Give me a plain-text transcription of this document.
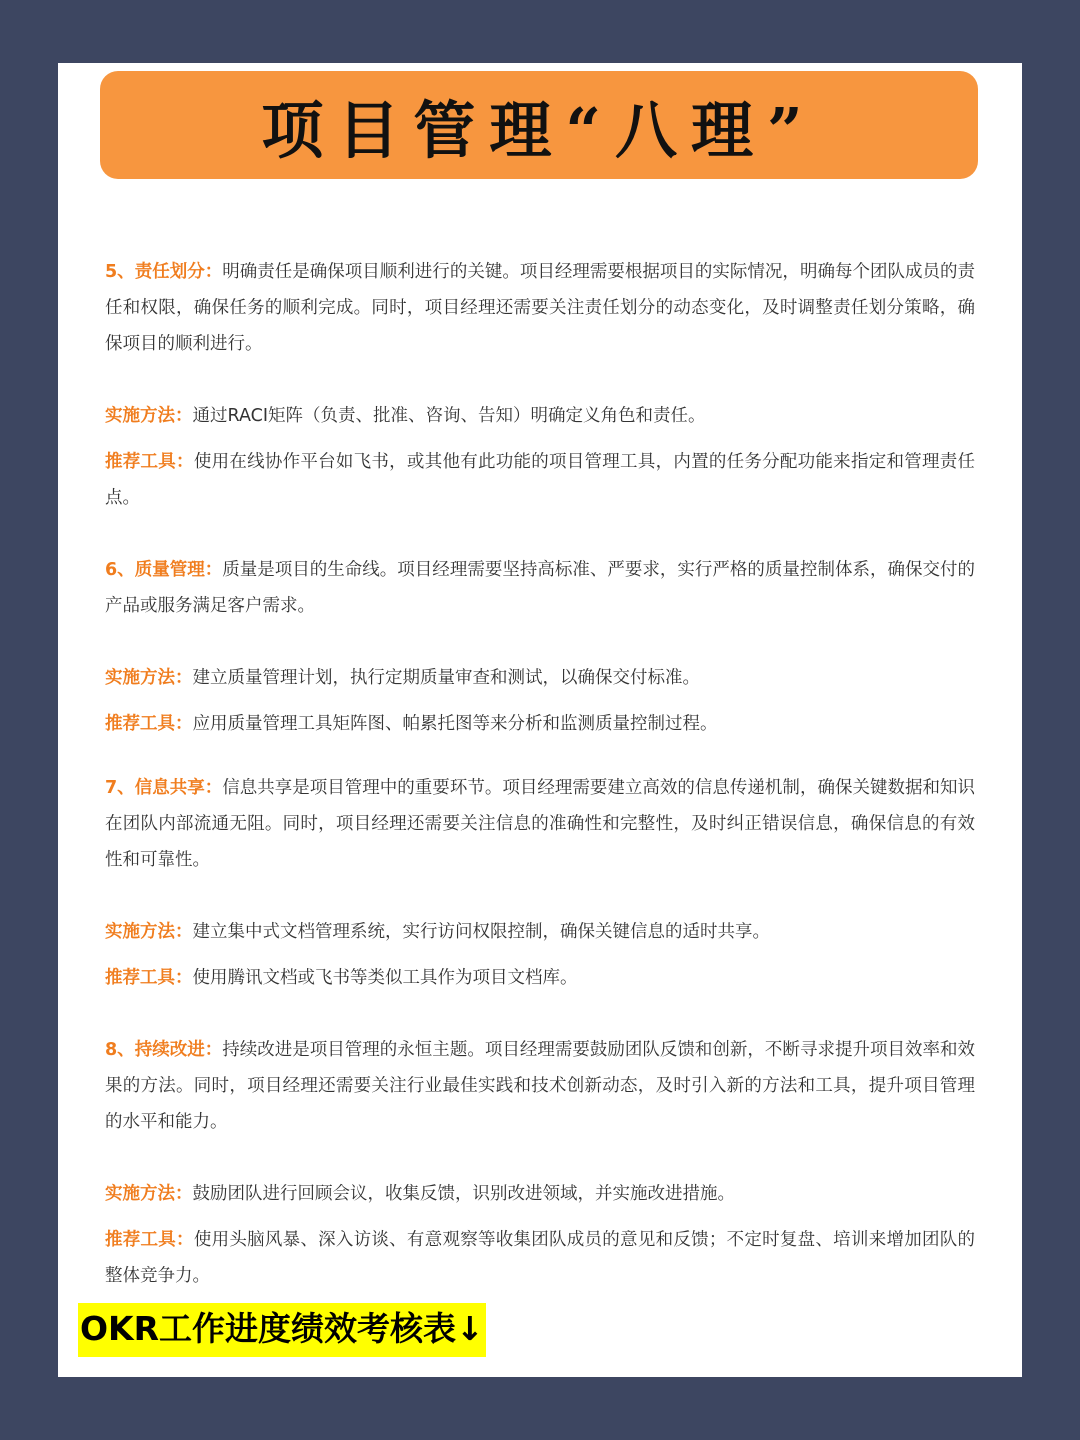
项目管理“八理”

5、责任划分：明确责任是确保项目顺利进行的关键。项目经理需要根据项目的实际情况，明确每个团队成员的责任和权限，确保任务的顺利完成。同时，项目经理还需要关注责任划分的动态变化，及时调整责任划分策略，确保项目的顺利进行。

实施方法：通过RACI矩阵（负责、批准、咨询、告知）明确定义角色和责任。

推荐工具：使用在线协作平台如飞书，或其他有此功能的项目管理工具，内置的任务分配功能来指定和管理责任点。

6、质量管理：质量是项目的生命线。项目经理需要坚持高标准、严要求，实行严格的质量控制体系，确保交付的产品或服务满足客户需求。

实施方法：建立质量管理计划，执行定期质量审查和测试，以确保交付标准。

推荐工具：应用质量管理工具矩阵图、帕累托图等来分析和监测质量控制过程。

7、信息共享：信息共享是项目管理中的重要环节。项目经理需要建立高效的信息传递机制，确保关键数据和知识在团队内部流通无阻。同时，项目经理还需要关注信息的准确性和完整性，及时纠正错误信息，确保信息的有效性和可靠性。

实施方法：建立集中式文档管理系统，实行访问权限控制，确保关键信息的适时共享。

推荐工具：使用腾讯文档或飞书等类似工具作为项目文档库。

8、持续改进：持续改进是项目管理的永恒主题。项目经理需要鼓励团队反馈和创新，不断寻求提升项目效率和效果的方法。同时，项目经理还需要关注行业最佳实践和技术创新动态，及时引入新的方法和工具，提升项目管理的水平和能力。

实施方法：鼓励团队进行回顾会议，收集反馈，识别改进领域，并实施改进措施。

推荐工具：使用头脑风暴、深入访谈、有意观察等收集团队成员的意见和反馈；不定时复盘、培训来增加团队的整体竞争力。

OKR工作进度绩效考核表↓
